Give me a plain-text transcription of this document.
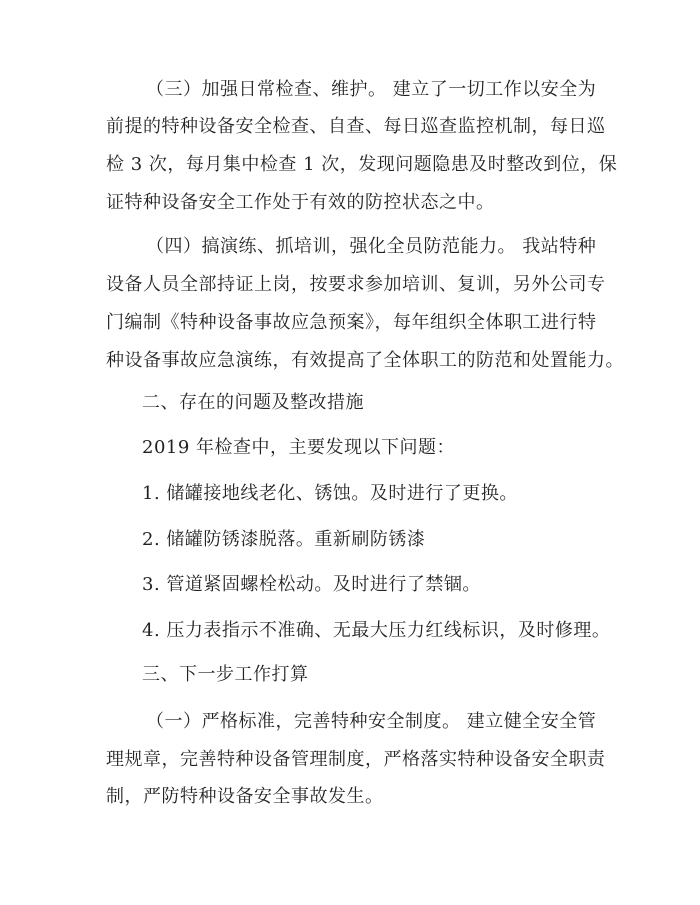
（三）加强日常检查、维护。 建立了一切工作以安全为
前提的特种设备安全检查、自查、每日巡查监控机制，每日巡
检 3 次，每月集中检查 1 次，发现问题隐患及时整改到位，保
证特种设备安全工作处于有效的防控状态之中。
（四）搞演练、抓培训，强化全员防范能力。 我站特种
设备人员全部持证上岗，按要求参加培训、复训，另外公司专
门编制《特种设备事故应急预案》，每年组织全体职工进行特
种设备事故应急演练，有效提高了全体职工的防范和处置能力。
二、存在的问题及整改措施
2019 年检查中，主要发现以下问题：
1. 储罐接地线老化、锈蚀。及时进行了更换。
2. 储罐防锈漆脱落。重新刷防锈漆
3. 管道紧固螺栓松动。及时进行了禁锢。
4. 压力表指示不准确、无最大压力红线标识，及时修理。
三、下一步工作打算
（一）严格标准，完善特种安全制度。 建立健全安全管
理规章，完善特种设备管理制度，严格落实特种设备安全职责
制，严防特种设备安全事故发生。
